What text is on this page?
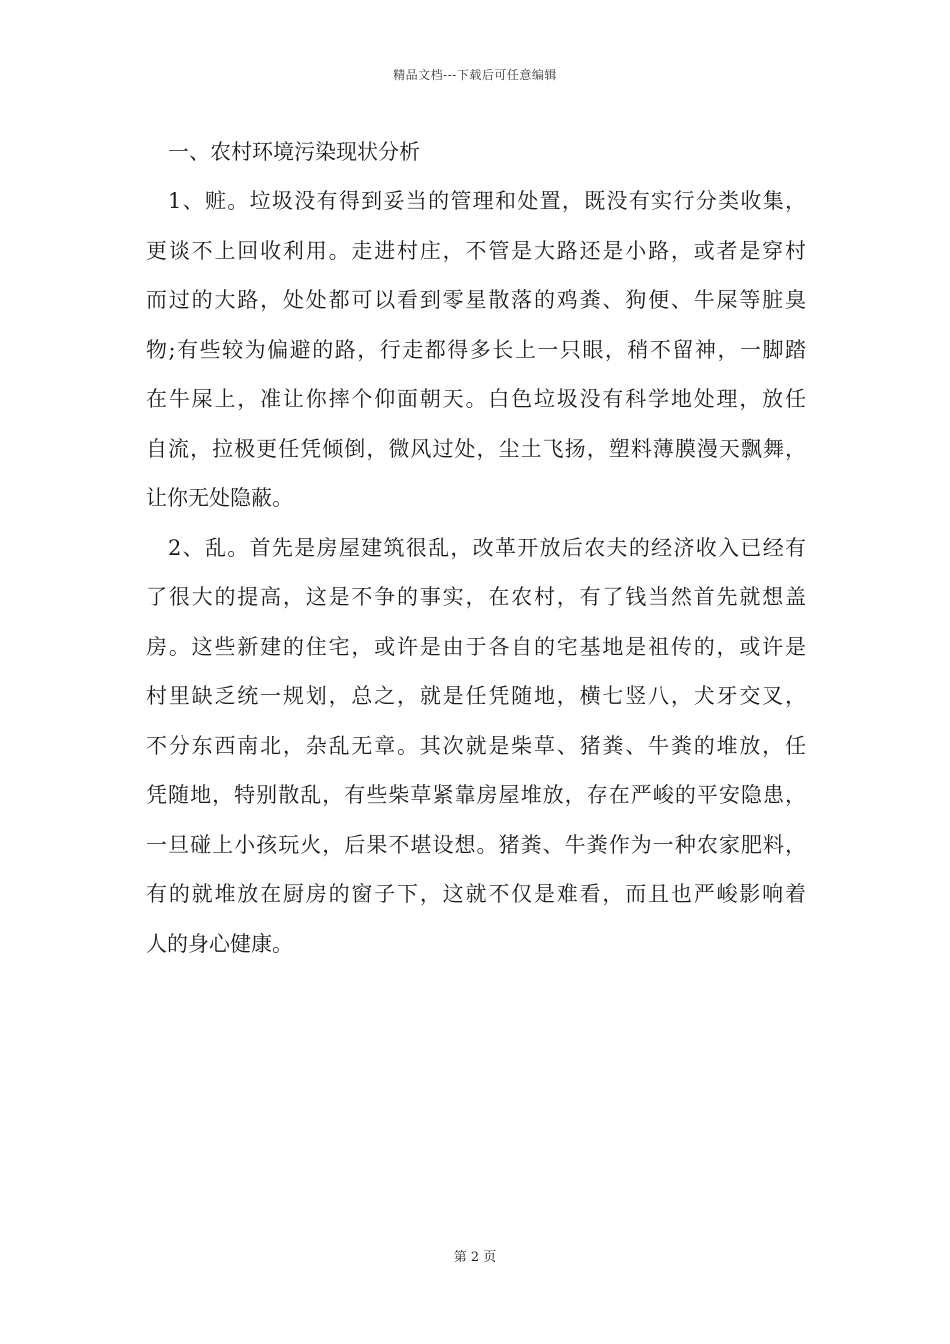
精品文档---下载后可任意编辑
一、农村环境污染现状分析

1、赃。垃圾没有得到妥当的管理和处置，既没有实行分类收集，
更谈不上回收利用。走进村庄，不管是大路还是小路，或者是穿村
而过的大路，处处都可以看到零星散落的鸡粪、狗便、牛屎等脏臭
物;有些较为偏避的路，行走都得多长上一只眼，稍不留神，一脚踏
在牛屎上，准让你摔个仰面朝天。白色垃圾没有科学地处理，放任
自流，拉极更任凭倾倒，微风过处，尘土飞扬，塑料薄膜漫天飘舞，
让你无处隐蔽。

2、乱。首先是房屋建筑很乱，改革开放后农夫的经济收入已经有
了很大的提高，这是不争的事实，在农村，有了钱当然首先就想盖
房。这些新建的住宅，或许是由于各自的宅基地是祖传的，或许是
村里缺乏统一规划，总之，就是任凭随地，横七竖八，犬牙交叉，
不分东西南北，杂乱无章。其次就是柴草、猪粪、牛粪的堆放，任
凭随地，特别散乱，有些柴草紧靠房屋堆放，存在严峻的平安隐患，
一旦碰上小孩玩火，后果不堪设想。猪粪、牛粪作为一种农家肥料，
有的就堆放在厨房的窗子下，这就不仅是难看，而且也严峻影响着
人的身心健康。

第 2 页
